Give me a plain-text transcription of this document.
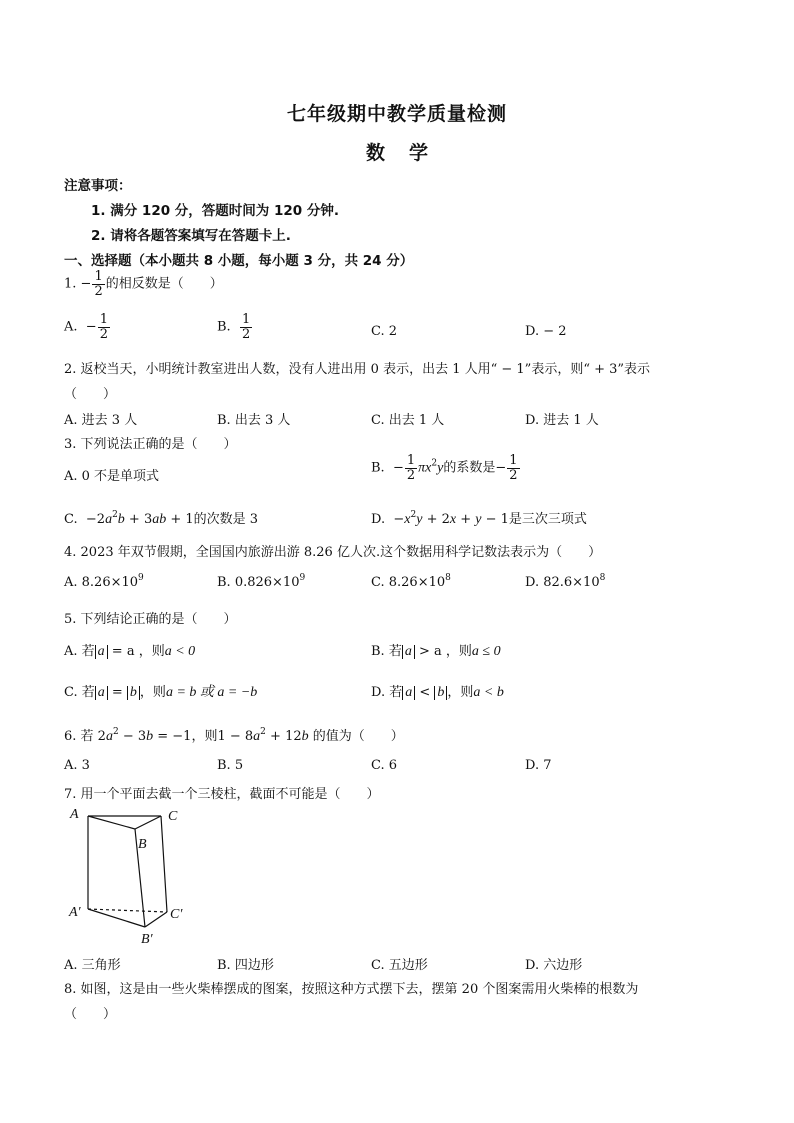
七年级期中教学质量检测
数学
注意事项：
1. 满分 120 分，答题时间为 120 分钟.
2. 请将各题答案填写在答题卡上.
一、选择题（本小题共 8 小题，每小题 3 分，共 24 分）
1. − $\frac{1}{2}$ 的相反数是（　　）
A.  − $\frac{1}{2}$	B. $\frac{1}{2}$	C. 2	D. − 2
2. 返校当天，小明统计教室进出人数，没有人进出用 0 表示，出去 1 人用“ − 1”表示，则“ + 3”表示
（　　）
A. 进去 3 人	B. 出去 3 人	C. 出去 1 人	D. 进去 1 人
3. 下列说法正确的是（　　）
A. 0 不是单项式
B.  − $\frac{1}{2} \pi x^2y$的系数是− $\frac{1}{2}$
C.  $-2a^2b + 3ab + 1$的次数是 3	D.  $-x^2y + 2x + y - 1$是三次三项式
4. 2023 年双节假期，全国国内旅游出游 8.26 亿人次.这个数据用科学记数法表示为（　　）
A. $8.26\times 10^9$	B. $0.826\times 10^9$	C. $8.26\times 10^8$	D. $82.6\times 10^8$
5. 下列结论正确的是（　　）
A. 若 a = a ，则a < 0	B. 若 a > a ，则a ≤ 0
C. 若 a = b ，则a = b 或 a = −b	D. 若 a < b ，则a < b
6. 若 $2a^2 - 3b = -1$，则$1 - 8a^2 + 12b$ 的值为（　　）
A. 3	B. 5	C. 6	D. 7
7. 用一个平面去截一个三棱柱，截面不可能是（　　）
A	C
B
A′	C′
B′
A. 三角形	B. 四边形	C. 五边形	D. 六边形
8. 如图，这是由一些火柴棒摆成的图案，按照这种方式摆下去，摆第 20 个图案需用火柴棒的根数为
（　　）
